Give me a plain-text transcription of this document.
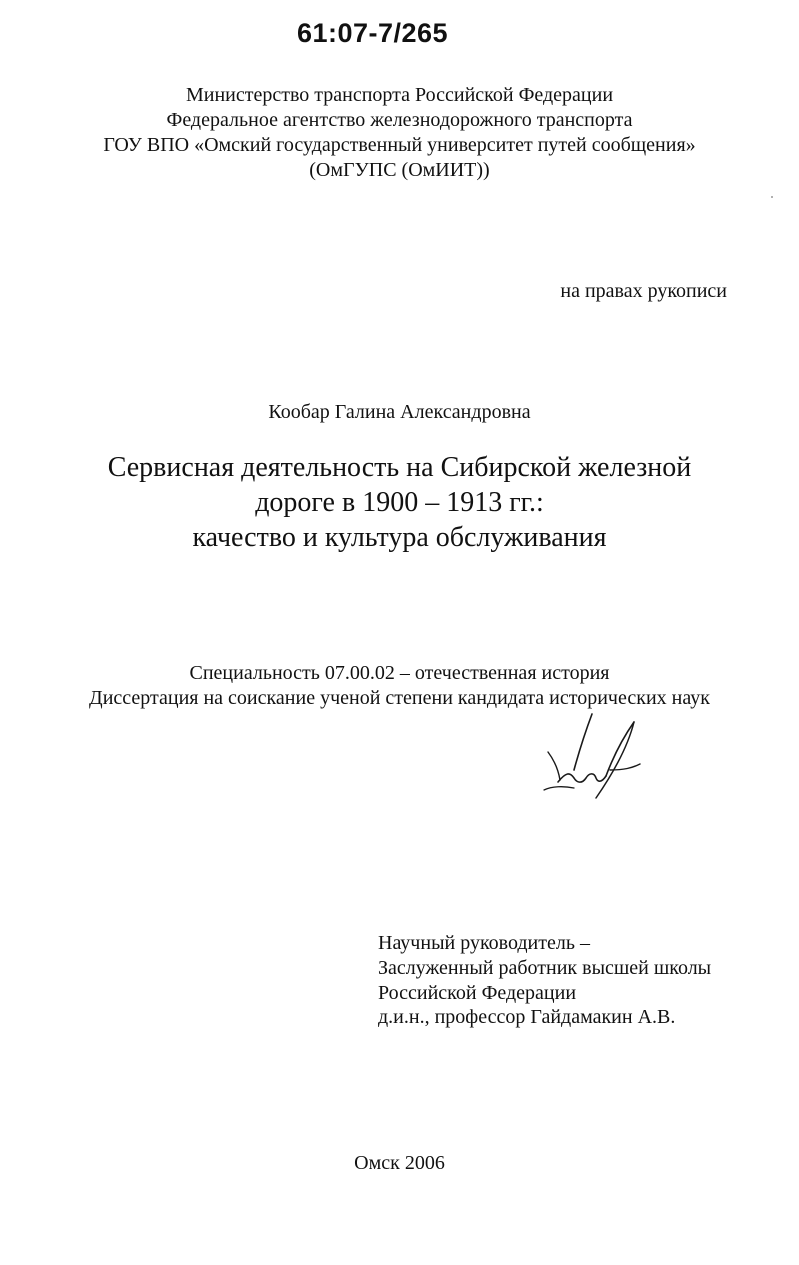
61:07-7/265
Министерство транспорта Российской Федерации
Федеральное агентство железнодорожного транспорта
ГОУ ВПО «Омский государственный университет путей сообщения»
(ОмГУПС (ОмИИТ))
на правах рукописи
Кообар Галина Александровна
Сервисная деятельность на Сибирской железной
дороге в 1900 – 1913 гг.:
качество и культура обслуживания
Специальность 07.00.02 – отечественная история
Диссертация на соискание ученой степени кандидата исторических наук
Научный руководитель –
Заслуженный работник высшей школы
Российской Федерации
д.и.н., профессор Гайдамакин А.В.
Омск 2006
